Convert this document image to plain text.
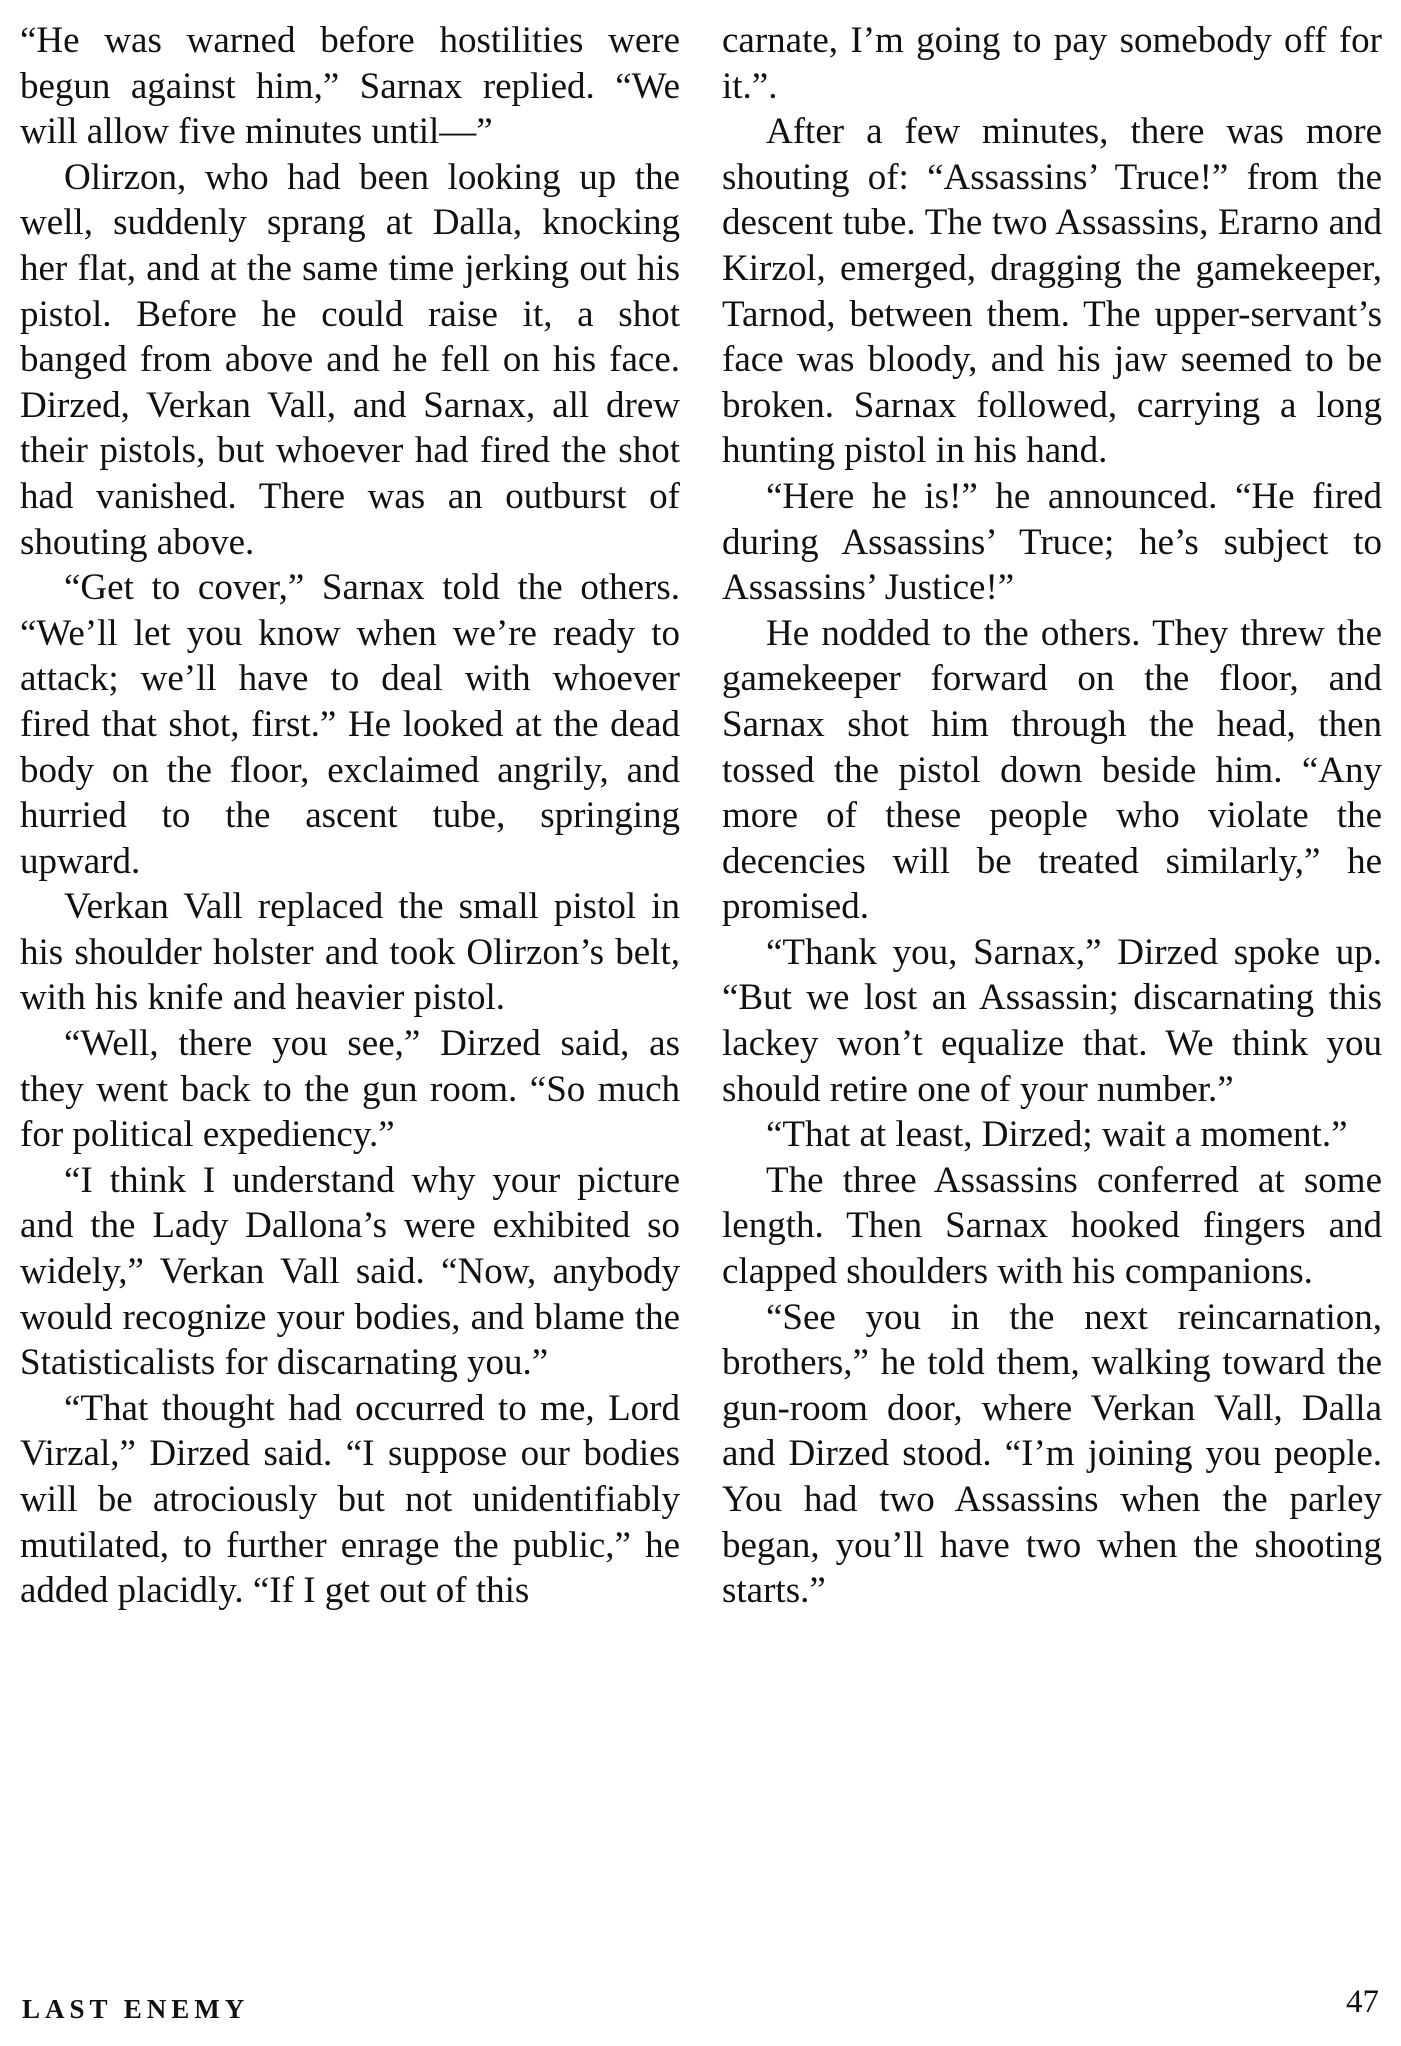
“He was warned before hostilities were begun against him,” Sarnax replied. “We will allow five minutes until—”

Olirzon, who had been looking up the well, suddenly sprang at Dalla, knocking her flat, and at the same time jerking out his pistol. Before he could raise it, a shot banged from above and he fell on his face. Dirzed, Verkan Vall, and Sarnax, all drew their pistols, but whoever had fired the shot had vanished. There was an outburst of shouting above.

“Get to cover,” Sarnax told the others. “We’ll let you know when we’re ready to attack; we’ll have to deal with whoever fired that shot, first.” He looked at the dead body on the floor, exclaimed angrily, and hurried to the ascent tube, springing upward.

Verkan Vall replaced the small pistol in his shoulder holster and took Olirzon’s belt, with his knife and heavier pistol.

“Well, there you see,” Dirzed said, as they went back to the gun room. “So much for political expediency.”

“I think I understand why your picture and the Lady Dallona’s were exhibited so widely,” Verkan Vall said. “Now, anybody would recognize your bodies, and blame the Statisticalists for discarnating you.”

“That thought had occurred to me, Lord Virzal,” Dirzed said. “I suppose our bodies will be atrociously but not unidentifiably mutilated, to further enrage the public,” he added placidly. “If I get out of this

carnate, I’m going to pay somebody off for it.”.

After a few minutes, there was more shouting of: “Assassins’ Truce!” from the descent tube. The two Assassins, Erarno and Kirzol, emerged, dragging the gamekeeper, Tarnod, between them. The upper-servant’s face was bloody, and his jaw seemed to be broken. Sarnax followed, carrying a long hunting pistol in his hand.

“Here he is!” he announced. “He fired during Assassins’ Truce; he’s subject to Assassins’ Justice!”

He nodded to the others. They threw the gamekeeper forward on the floor, and Sarnax shot him through the head, then tossed the pistol down beside him. “Any more of these people who violate the decencies will be treated similarly,” he promised.

“Thank you, Sarnax,” Dirzed spoke up. “But we lost an Assassin; discarnating this lackey won’t equalize that. We think you should retire one of your number.”

“That at least, Dirzed; wait a moment.”

The three Assassins conferred at some length. Then Sarnax hooked fingers and clapped shoulders with his companions.

“See you in the next reincarnation, brothers,” he told them, walking toward the gun-room door, where Verkan Vall, Dalla and Dirzed stood. “I’m joining you people. You had two Assassins when the parley began, you’ll have two when the shooting starts.”

LAST ENEMY	47
